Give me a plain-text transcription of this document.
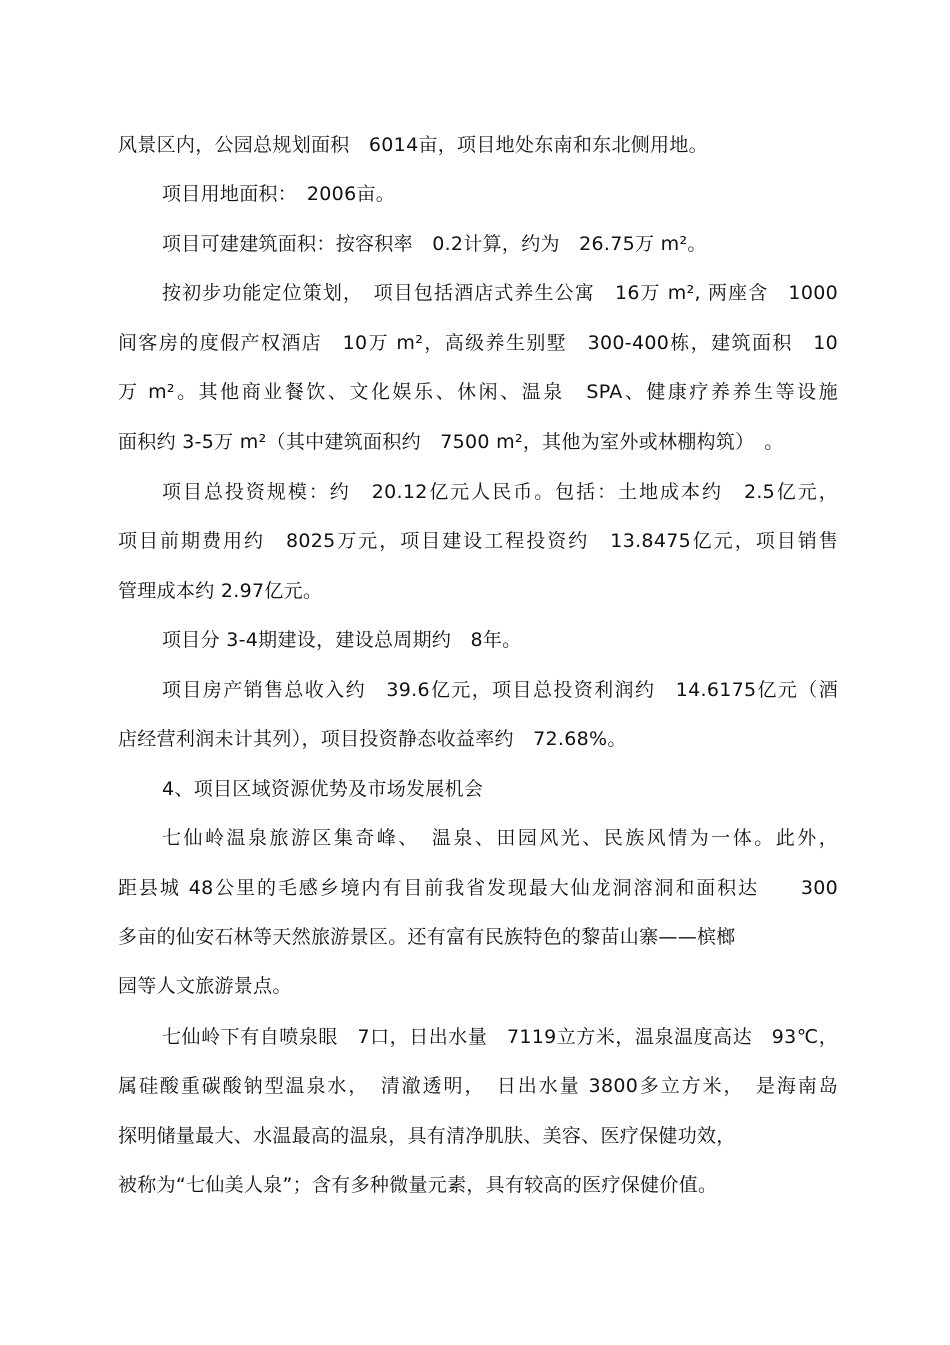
风景区内，公园总规划面积　6014亩，项目地处东南和东北侧用地。
项目用地面积：　2006亩。
项目可建建筑面积：按容积率　0.2计算，约为　26.75万 m²。
按初步功能定位策划，　项目包括酒店式养生公寓　16万 m², 两座含　1000
间客房的度假产权酒店　10万 m²，高级养生别墅　300-400栋，建筑面积　10
万 m²。其他商业餐饮、文化娱乐、休闲、温泉　SPA、健康疗养养生等设施
面积约 3-5万 m²（其中建筑面积约　7500 m²，其他为室外或林棚构筑）　。
项目总投资规模：约　20.12亿元人民币。包括：土地成本约　2.5亿元，
项目前期费用约　8025万元，项目建设工程投资约　13.8475亿元，项目销售
管理成本约 2.97亿元。
项目分 3-4期建设，建设总周期约　8年。
项目房产销售总收入约　39.6亿元，项目总投资利润约　14.6175亿元（酒
店经营利润未计其列），项目投资静态收益率约　72.68%。
4、项目区域资源优势及市场发展机会
七仙岭温泉旅游区集奇峰、　温泉、田园风光、民族风情为一体。此外，
距县城 48公里的毛感乡境内有目前我省发现最大仙龙洞溶洞和面积达　　300
多亩的仙安石林等天然旅游景区。还有富有民族特色的黎苗山寨——槟榔
园等人文旅游景点。
七仙岭下有自喷泉眼　7口，日出水量　7119立方米，温泉温度高达　93℃，
属硅酸重碳酸钠型温泉水，　清澈透明，　日出水量 3800多立方米，　是海南岛
探明储量最大、水温最高的温泉，具有清净肌肤、美容、医疗保健功效，
被称为“七仙美人泉”；含有多种微量元素，具有较高的医疗保健价值。
